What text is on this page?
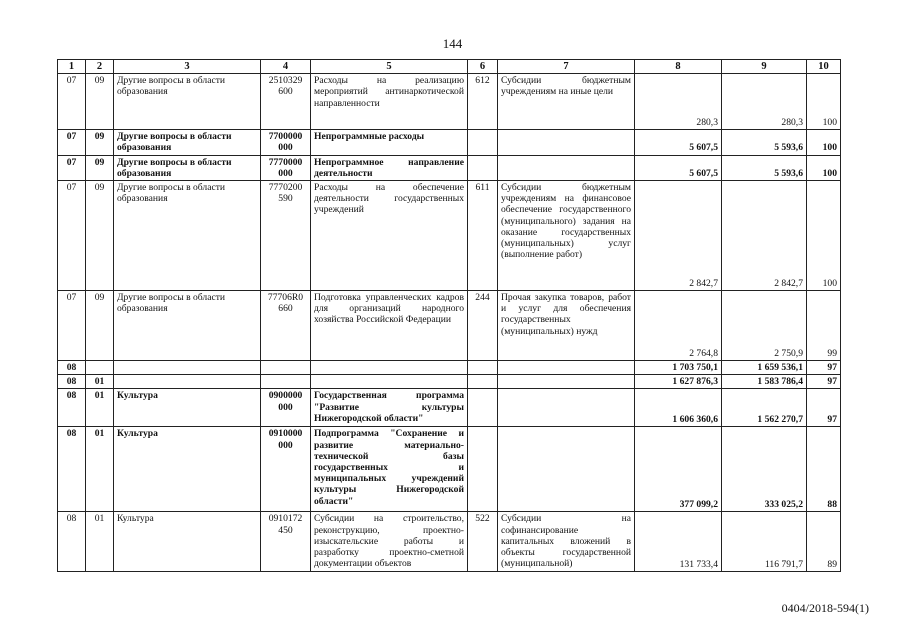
144
1	2	3	4	5	6	7	8	9	10
07	09	Другие вопросы в области образования	2510329 600	Расходы на реализацию мероприятий антинаркотической направленности	612	Субсидии бюджетным учреждениям на иные цели	280,3	280,3	100
07	09	Другие вопросы в области образования	7700000 000	Непрограммные расходы			5 607,5	5 593,6	100
07	09	Другие вопросы в области образования	7770000 000	Непрограммное направление деятельности			5 607,5	5 593,6	100
07	09	Другие вопросы в области образования	7770200 590	Расходы на обеспечение деятельности государственных учреждений	611	Субсидии бюджетным учреждениям на финансовое обеспечение государственного (муниципального) задания на оказание государственных (муниципальных) услуг (выполнение работ)	2 842,7	2 842,7	100
07	09	Другие вопросы в области образования	77706R0 660	Подготовка управленческих кадров для организаций народного хозяйства Российской Федерации	244	Прочая закупка товаров, работ и услуг для обеспечения государственных (муниципальных) нужд	2 764,8	2 750,9	99
08							1 703 750,1	1 659 536,1	97
08	01						1 627 876,3	1 583 786,4	97
08	01	Культура	0900000 000	Государственная программа "Развитие культуры Нижегородской области"			1 606 360,6	1 562 270,7	97
08	01	Культура	0910000 000	Подпрограмма "Сохранение и развитие материально-технической базы государственных и муниципальных учреждений культуры Нижегородской области"			377 099,2	333 025,2	88
08	01	Культура	0910172 450	Субсидии на строительство, реконструкцию, проектно-изыскательские работы и разработку проектно-сметной документации объектов	522	Субсидии на софинансирование капитальных вложений в объекты государственной (муниципальной)	131 733,4	116 791,7	89
0404/2018-594(1)
